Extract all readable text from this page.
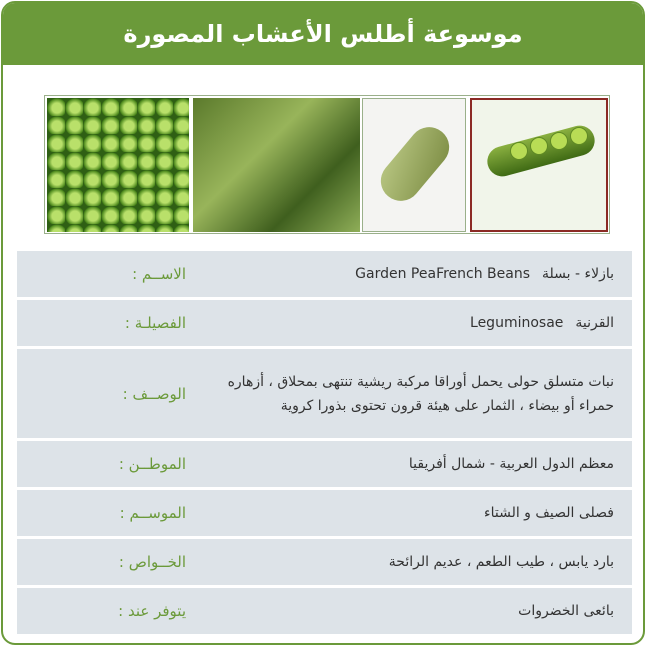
موسوعة أطلس الأعشاب المصورة
الاســم :	بازلاء - بسلة
Garden PeaFrench Beans
الفصيلـة :	القرنية
Leguminosae
الوصــف :
نبات متسلق حولى يحمل أوراقا مركبة ريشية تنتهى بمحلاق ، أزهاره حمراء أو بيضاء ، الثمار على هيئة قرون تحتوى بذورا كروية
الموطــن :	معظم الدول العربية - شمال أفريقيا
الموســم :	فصلى الصيف و الشتاء
الخــواص :	بارد يابس ، طيب الطعم ، عديم الرائحة
يتوفر عند :	بائعى الخضروات
